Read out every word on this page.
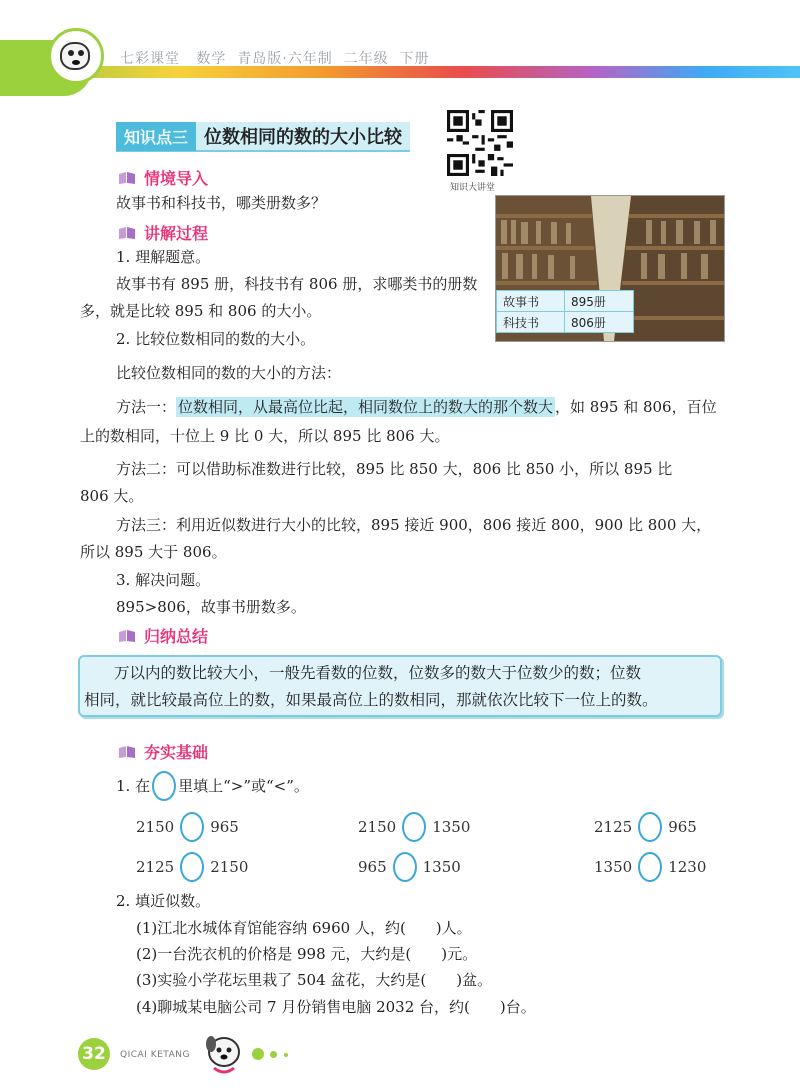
七彩课堂 数学 青岛版·六年制 二年级 下册
知识点三 位数相同的数的大小比较
知识大讲堂
情境导入
故事书和科技书，哪类册数多？
讲解过程
1. 理解题意。
故事书有 895 册，科技书有 806 册，求哪类书的册数
多，就是比较 895 和 806 的大小。
2. 比较位数相同的数的大小。
比较位数相同的数的大小的方法：
故事书	895册
科技书	806册
方法一： 位数相同，从最高位比起，相同数位上的数大的那个数大 ，如 895 和 806，百位
上的数相同，十位上 9 比 0 大，所以 895 比 806 大。
方法二：可以借助标准数进行比较，895 比 850 大，806 比 850 小，所以 895 比
806 大。
方法三：利用近似数进行大小的比较，895 接近 900，806 接近 800，900 比 800 大，
所以 895 大于 806。
3. 解决问题。
895>806，故事书册数多。
归纳总结
万以内的数比较大小，一般先看数的位数，位数多的数大于位数少的数；位数
相同，就比较最高位上的数，如果最高位上的数相同，那就依次比较下一位上的数。
夯实基础
1. 在 里填上“>”或“<”。
2150 965	2150 1350	2125 965
2125 2150	965 1350	1350 1230
2. 填近似数。
(1)江北水城体育馆能容纳 6960 人，约(　　)人。
(2)一台洗衣机的价格是 998 元，大约是(　　)元。
(3)实验小学花坛里栽了 504 盆花，大约是(　　)盆。
(4)聊城某电脑公司 7 月份销售电脑 2032 台，约(　　)台。
32	QICAI KETANG
